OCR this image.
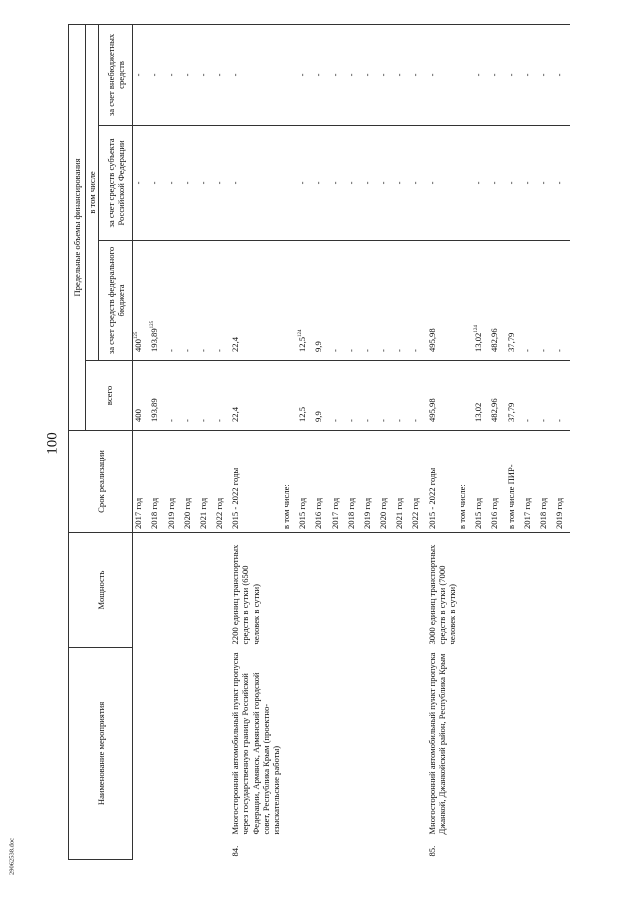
100
Наименование мероприятия		Мощность	Срок реализации	Предельные объемы финансирования			
				всего	в том числе		
					за счет средств федерального бюджета	за счет средств субъекта Российской Федерации	за счет внебюджетных средств
			2017 год	400	$400^{125}$	-	-
			2018 год	193,89	193,89$^{125}$	-	-
			2019 год	-	-	-	-
			2020 год	-	-	-	-
			2021 год	-	-	-	-
			2022 год	-	-	-	-
84.	Многосторонний автомобильный пункт пропуска через государственную границу Российской Федерации, Армянск, Армянский городской совет, Республика Крым (проектно-изыскательские работы)	2200 единиц транспортных средств в сутки (6500 человек в сутки)	2015 - 2022 годы	22,4	22,4	-	-
			в том числе:				
			2015 год	12,5	12,5$^{124}$	-	-
			2016 год	9,9	9,9	-	-
			2017 год	-	-	-	-
			2018 год	-	-	-	-
			2019 год	-	-	-	-
			2020 год	-	-	-	-
			2021 год	-	-	-	-
			2022 год	-	-	-	-
85.	Многосторонний автомобильный пункт пропуска Джанкой, Джанкойский район, Республика Крым	3000 единиц транспортных средств в сутки (7000 человек в сутки)	2015 - 2022 годы	495,98	495,98	-	-
			в том числе:				
			2015 год	13,02	13,02$^{124}$	-	-
			2016 год	482,96	482,96	-	-
			в том числе ПИР-	37,79	37,79	-	-
			2017 год	-	-	-	-
			2018 год	-	-	-	-
			2019 год	-	-	-	-
29062538.doc
